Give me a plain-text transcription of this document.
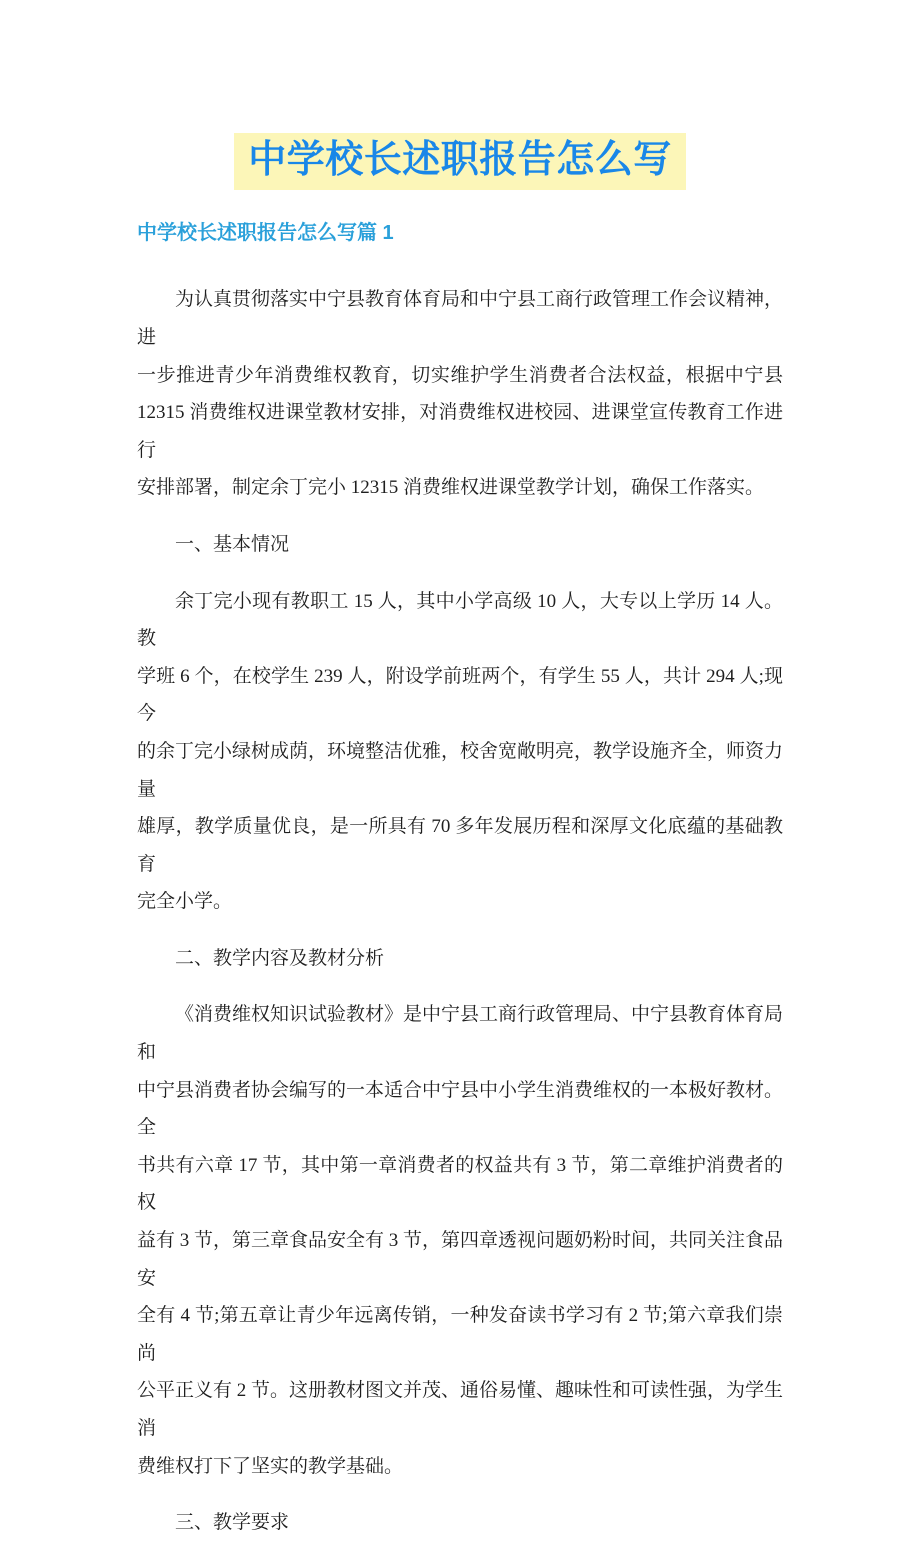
中学校长述职报告怎么写
中学校长述职报告怎么写篇 1
为认真贯彻落实中宁县教育体育局和中宁县工商行政管理工作会议精神，进
一步推进青少年消费维权教育，切实维护学生消费者合法权益，根据中宁县
12315 消费维权进课堂教材安排，对消费维权进校园、进课堂宣传教育工作进行
安排部署，制定余丁完小 12315 消费维权进课堂教学计划，确保工作落实。
一、基本情况
余丁完小现有教职工 15 人，其中小学高级 10 人，大专以上学历 14 人。教
学班 6 个，在校学生 239 人，附设学前班两个，有学生 55 人，共计 294 人;现今
的余丁完小绿树成荫，环境整洁优雅，校舍宽敞明亮，教学设施齐全，师资力量
雄厚，教学质量优良，是一所具有 70 多年发展历程和深厚文化底蕴的基础教育
完全小学。
二、教学内容及教材分析
《消费维权知识试验教材》是中宁县工商行政管理局、中宁县教育体育局和
中宁县消费者协会编写的一本适合中宁县中小学生消费维权的一本极好教材。全
书共有六章 17 节，其中第一章消费者的权益共有 3 节，第二章维护消费者的权
益有 3 节，第三章食品安全有 3 节，第四章透视问题奶粉时间，共同关注食品安
全有 4 节;第五章让青少年远离传销，一种发奋读书学习有 2 节;第六章我们崇尚
公平正义有 2 节。这册教材图文并茂、通俗易懂、趣味性和可读性强，为学生消
费维权打下了坚实的教学基础。
三、教学要求
